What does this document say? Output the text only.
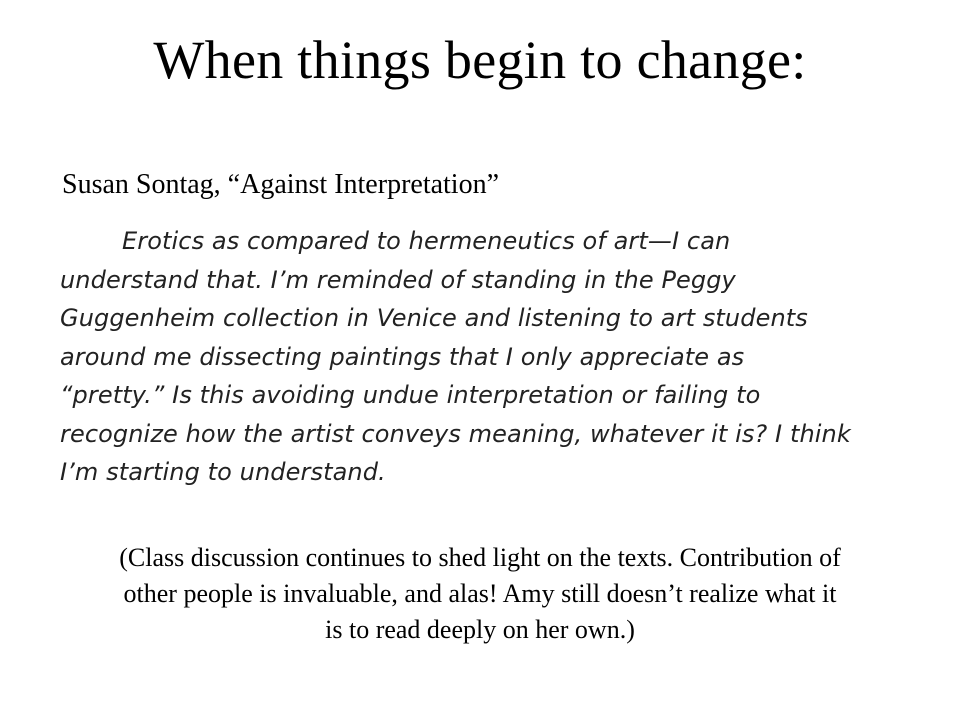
When things begin to change:

Susan Sontag, “Against Interpretation”

Erotics as compared to hermeneutics of art—I can
understand that. I’m reminded of standing in the Peggy
Guggenheim collection in Venice and listening to art students
around me dissecting paintings that I only appreciate as
“pretty.” Is this avoiding undue interpretation or failing to
recognize how the artist conveys meaning, whatever it is? I think
I’m starting to understand.
(Class discussion continues to shed light on the texts. Contribution of
other people is invaluable, and alas! Amy still doesn’t realize what it
is to read deeply on her own.)
